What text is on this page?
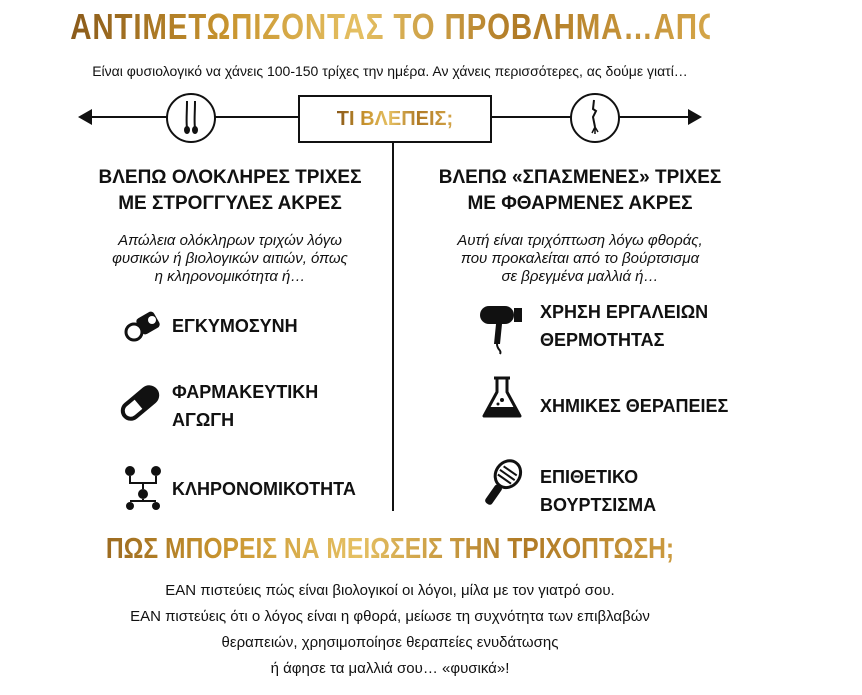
ΑΝΤΙΜΕΤΩΠΙΖΟΝΤΑΣ ΤΟ ΠΡΟΒΛΗΜΑ…ΑΠΟ ΤΗ ΡΙΖΑ!
Είναι φυσιολογικό να χάνεις 100-150 τρίχες την ημέρα. Αν χάνεις περισσότερες, ας δούμε γιατί…
ΤΙ ΒΛΕΠΕΙΣ;
ΒΛΕΠΩ ΟΛΟΚΛΗΡΕΣ ΤΡΙΧΕΣ
ΜΕ ΣΤΡΟΓΓΥΛΕΣ ΑΚΡΕΣ
Απώλεια ολόκληρων τριχών λόγω
φυσικών ή βιολογικών αιτιών, όπως
η κληρονομικότητα ή…
ΕΓΚΥΜΟΣΥΝΗ
ΦΑΡΜΑΚΕΥΤΙΚΗ
ΑΓΩΓΗ
ΚΛΗΡΟΝΟΜΙΚΟΤΗΤΑ
ΒΛΕΠΩ «ΣΠΑΣΜΕΝΕΣ» ΤΡΙΧΕΣ
ΜΕ ΦΘΑΡΜΕΝΕΣ ΑΚΡΕΣ
Αυτή είναι τριχόπτωση λόγω φθοράς,
που προκαλείται από το βούρτσισμα
σε βρεγμένα μαλλιά ή…
ΧΡΗΣΗ ΕΡΓΑΛΕΙΩΝ
ΘΕΡΜΟΤΗΤΑΣ
ΧΗΜΙΚΕΣ ΘΕΡΑΠΕΙΕΣ
ΕΠΙΘΕΤΙΚΟ
ΒΟΥΡΤΣΙΣΜΑ
ΠΩΣ ΜΠΟΡΕΙΣ ΝΑ ΜΕΙΩΣΕΙΣ ΤΗΝ ΤΡΙΧΟΠΤΩΣΗ;
ΕΑΝ πιστεύεις πώς είναι βιολογικοί οι λόγοι, μίλα με τον γιατρό σου.
ΕΑΝ πιστεύεις ότι ο λόγος είναι η φθορά, μείωσε τη συχνότητα των επιβλαβών
θεραπειών, χρησιμοποίησε θεραπείες ενυδάτωσης
ή άφησε τα μαλλιά σου… «φυσικά»!
